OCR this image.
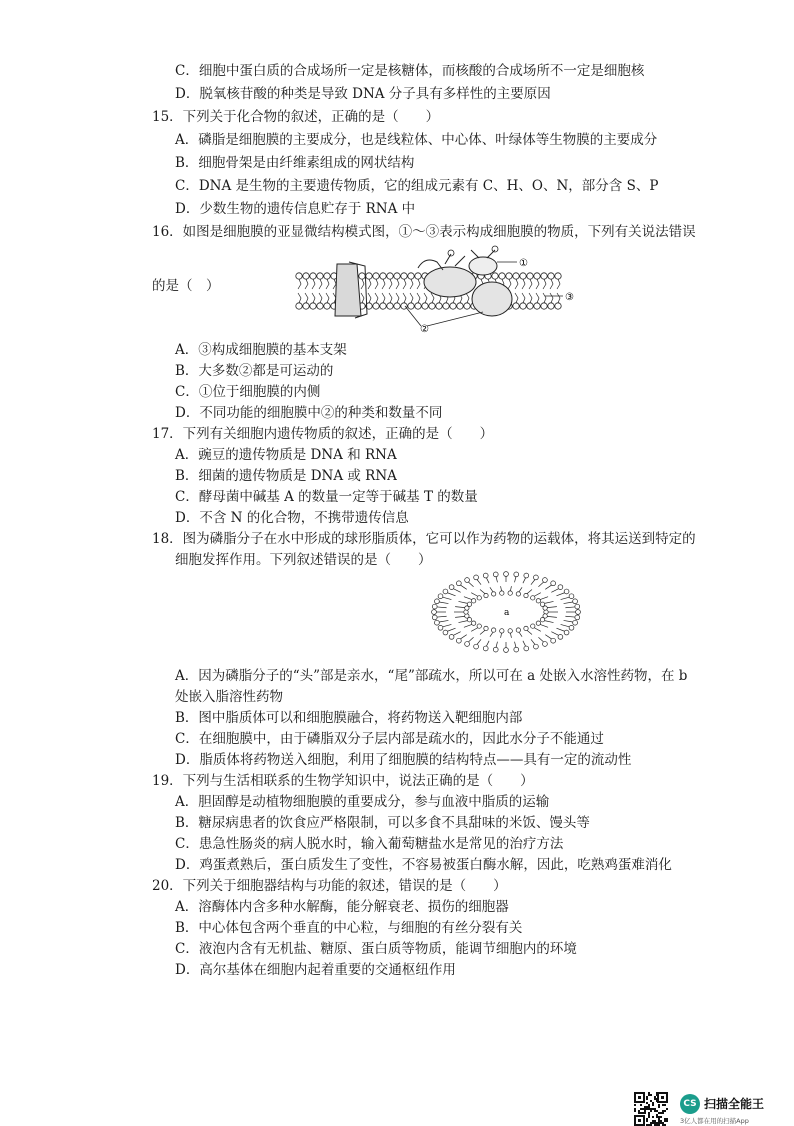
C．细胞中蛋白质的合成场所一定是核糖体，而核酸的合成场所不一定是细胞核
D．脱氧核苷酸的种类是导致 DNA 分子具有多样性的主要原因
15．下列关于化合物的叙述，正确的是（　　）
A．磷脂是细胞膜的主要成分，也是线粒体、中心体、叶绿体等生物膜的主要成分
B．细胞骨架是由纤维素组成的网状结构
C．DNA 是生物的主要遗传物质，它的组成元素有 C、H、O、N，部分含 S、P
D．少数生物的遗传信息贮存于 RNA 中
16．如图是细胞膜的亚显微结构模式图，①～③表示构成细胞膜的物质，下列有关说法错误
的是（　）
①
③
②
A．③构成细胞膜的基本支架
B．大多数②都是可运动的
C．①位于细胞膜的内侧
D．不同功能的细胞膜中②的种类和数量不同
17．下列有关细胞内遗传物质的叙述，正确的是（　　）
A．豌豆的遗传物质是 DNA 和 RNA
B．细菌的遗传物质是 DNA 或 RNA
C．酵母菌中碱基 A 的数量一定等于碱基 T 的数量
D．不含 N 的化合物，不携带遗传信息
18．图为磷脂分子在水中形成的球形脂质体，它可以作为药物的运载体，将其运送到特定的
细胞发挥作用。下列叙述错误的是（　　）
a
A．因为磷脂分子的“头”部是亲水，“尾”部疏水，所以可在 a 处嵌入水溶性药物，在 b
处嵌入脂溶性药物
B．图中脂质体可以和细胞膜融合，将药物送入靶细胞内部
C．在细胞膜中，由于磷脂双分子层内部是疏水的，因此水分子不能通过
D．脂质体将药物送入细胞，利用了细胞膜的结构特点——具有一定的流动性
19．下列与生活相联系的生物学知识中，说法正确的是（　　）
A．胆固醇是动植物细胞膜的重要成分，参与血液中脂质的运输
B．糖尿病患者的饮食应严格限制，可以多食不具甜味的米饭、馒头等
C．患急性肠炎的病人脱水时，输入葡萄糖盐水是常见的治疗方法
D．鸡蛋煮熟后，蛋白质发生了变性，不容易被蛋白酶水解，因此，吃熟鸡蛋难消化
20．下列关于细胞器结构与功能的叙述，错误的是（　　）
A．溶酶体内含多种水解酶，能分解衰老、损伤的细胞器
B．中心体包含两个垂直的中心粒，与细胞的有丝分裂有关
C．液泡内含有无机盐、糖原、蛋白质等物质，能调节细胞内的环境
D．高尔基体在细胞内起着重要的交通枢纽作用
CS 扫描全能王
3亿人都在用的扫描App
